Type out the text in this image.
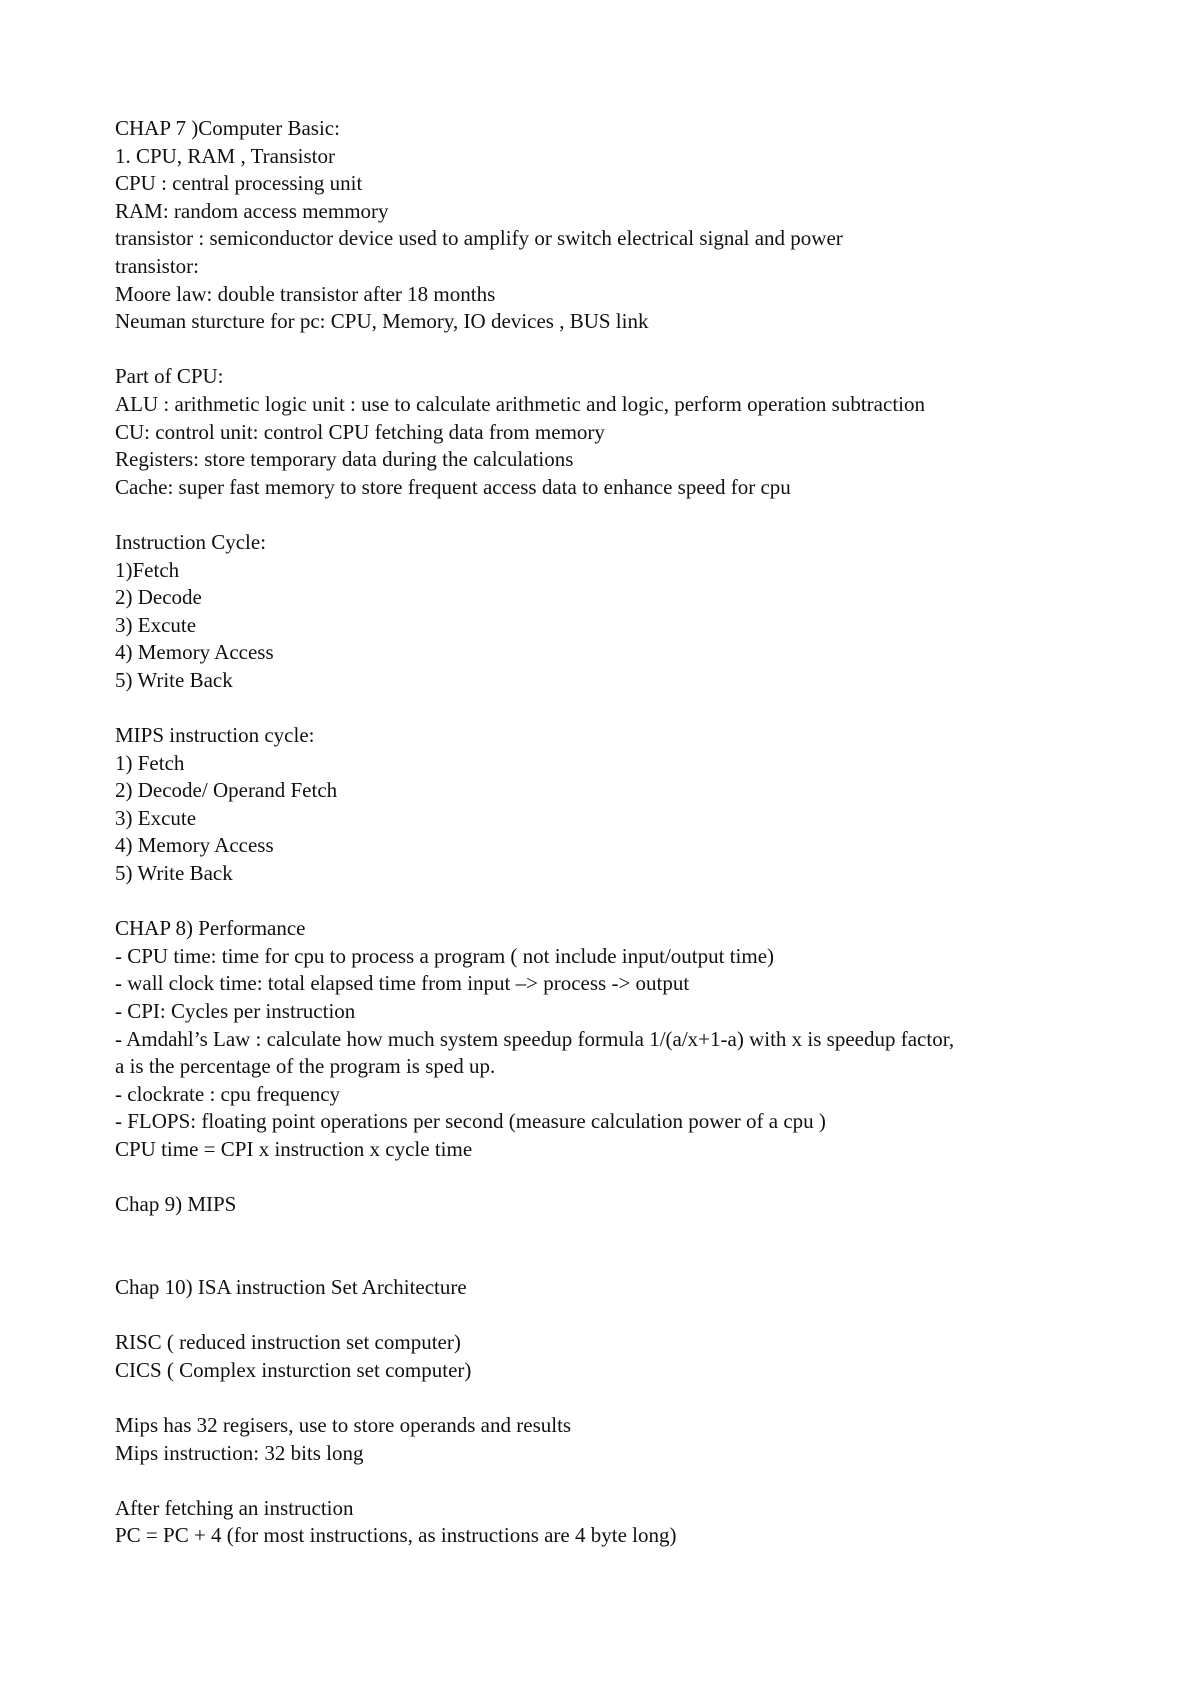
CHAP 7 )Computer Basic:
1. CPU, RAM , Transistor
CPU : central processing unit
RAM: random access memmory
transistor : semiconductor device used to amplify or switch electrical signal and power
transistor:
Moore law: double transistor after 18 months
Neuman sturcture for pc: CPU, Memory, IO devices , BUS link
Part of CPU:
ALU : arithmetic logic unit : use to calculate arithmetic and logic, perform operation subtraction
CU: control unit: control CPU fetching data from memory
Registers: store temporary data during the calculations
Cache: super fast memory to store frequent access data to enhance speed for cpu
Instruction Cycle:
1)Fetch
2) Decode
3) Excute
4) Memory Access
5) Write Back
MIPS instruction cycle:
1) Fetch
2) Decode/ Operand Fetch
3) Excute
4) Memory Access
5) Write Back
CHAP 8) Performance
- CPU time: time for cpu to process a program ( not include input/output time)
- wall clock time: total elapsed time from input –> process -> output
- CPI: Cycles per instruction
- Amdahl’s Law : calculate how much system speedup formula 1/(a/x+1-a) with x is speedup factor,
a is the percentage of the program is sped up.
- clockrate : cpu frequency
- FLOPS: floating point operations per second (measure calculation power of a cpu )
CPU time = CPI x instruction x cycle time
Chap 9) MIPS
Chap 10) ISA instruction Set Architecture
RISC ( reduced instruction set computer)
CICS ( Complex insturction set computer)
Mips has 32 regisers, use to store operands and results
Mips instruction: 32 bits long
After fetching an instruction
PC = PC + 4 (for most instructions, as instructions are 4 byte long)
